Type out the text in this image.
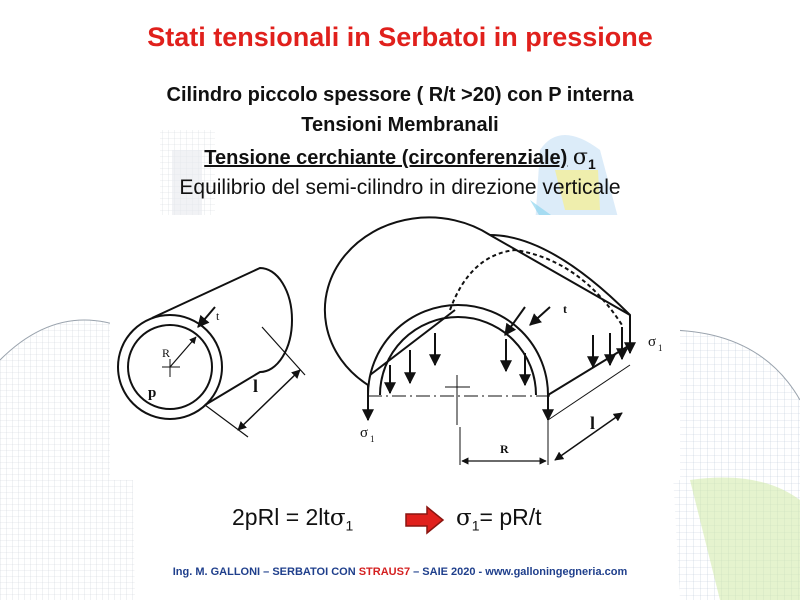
Stati tensionali in Serbatoi in pressione
Cilindro piccolo spessore ( R/t >20) con P interna
Tensioni Membranali
Tensione cerchiante (circonferenziale) $\sigma_1$
Equilibrio del semi-cilindro in direzione verticale
t
R
p	l
t
σ 1
σ 1
l
R
2pRl = 2ltσ$_1$	$\sigma_1= pR/t$
Ing. M. GALLONI – SERBATOI CON STRAUS7 – SAIE 2020 - www.galloningegneria.com
